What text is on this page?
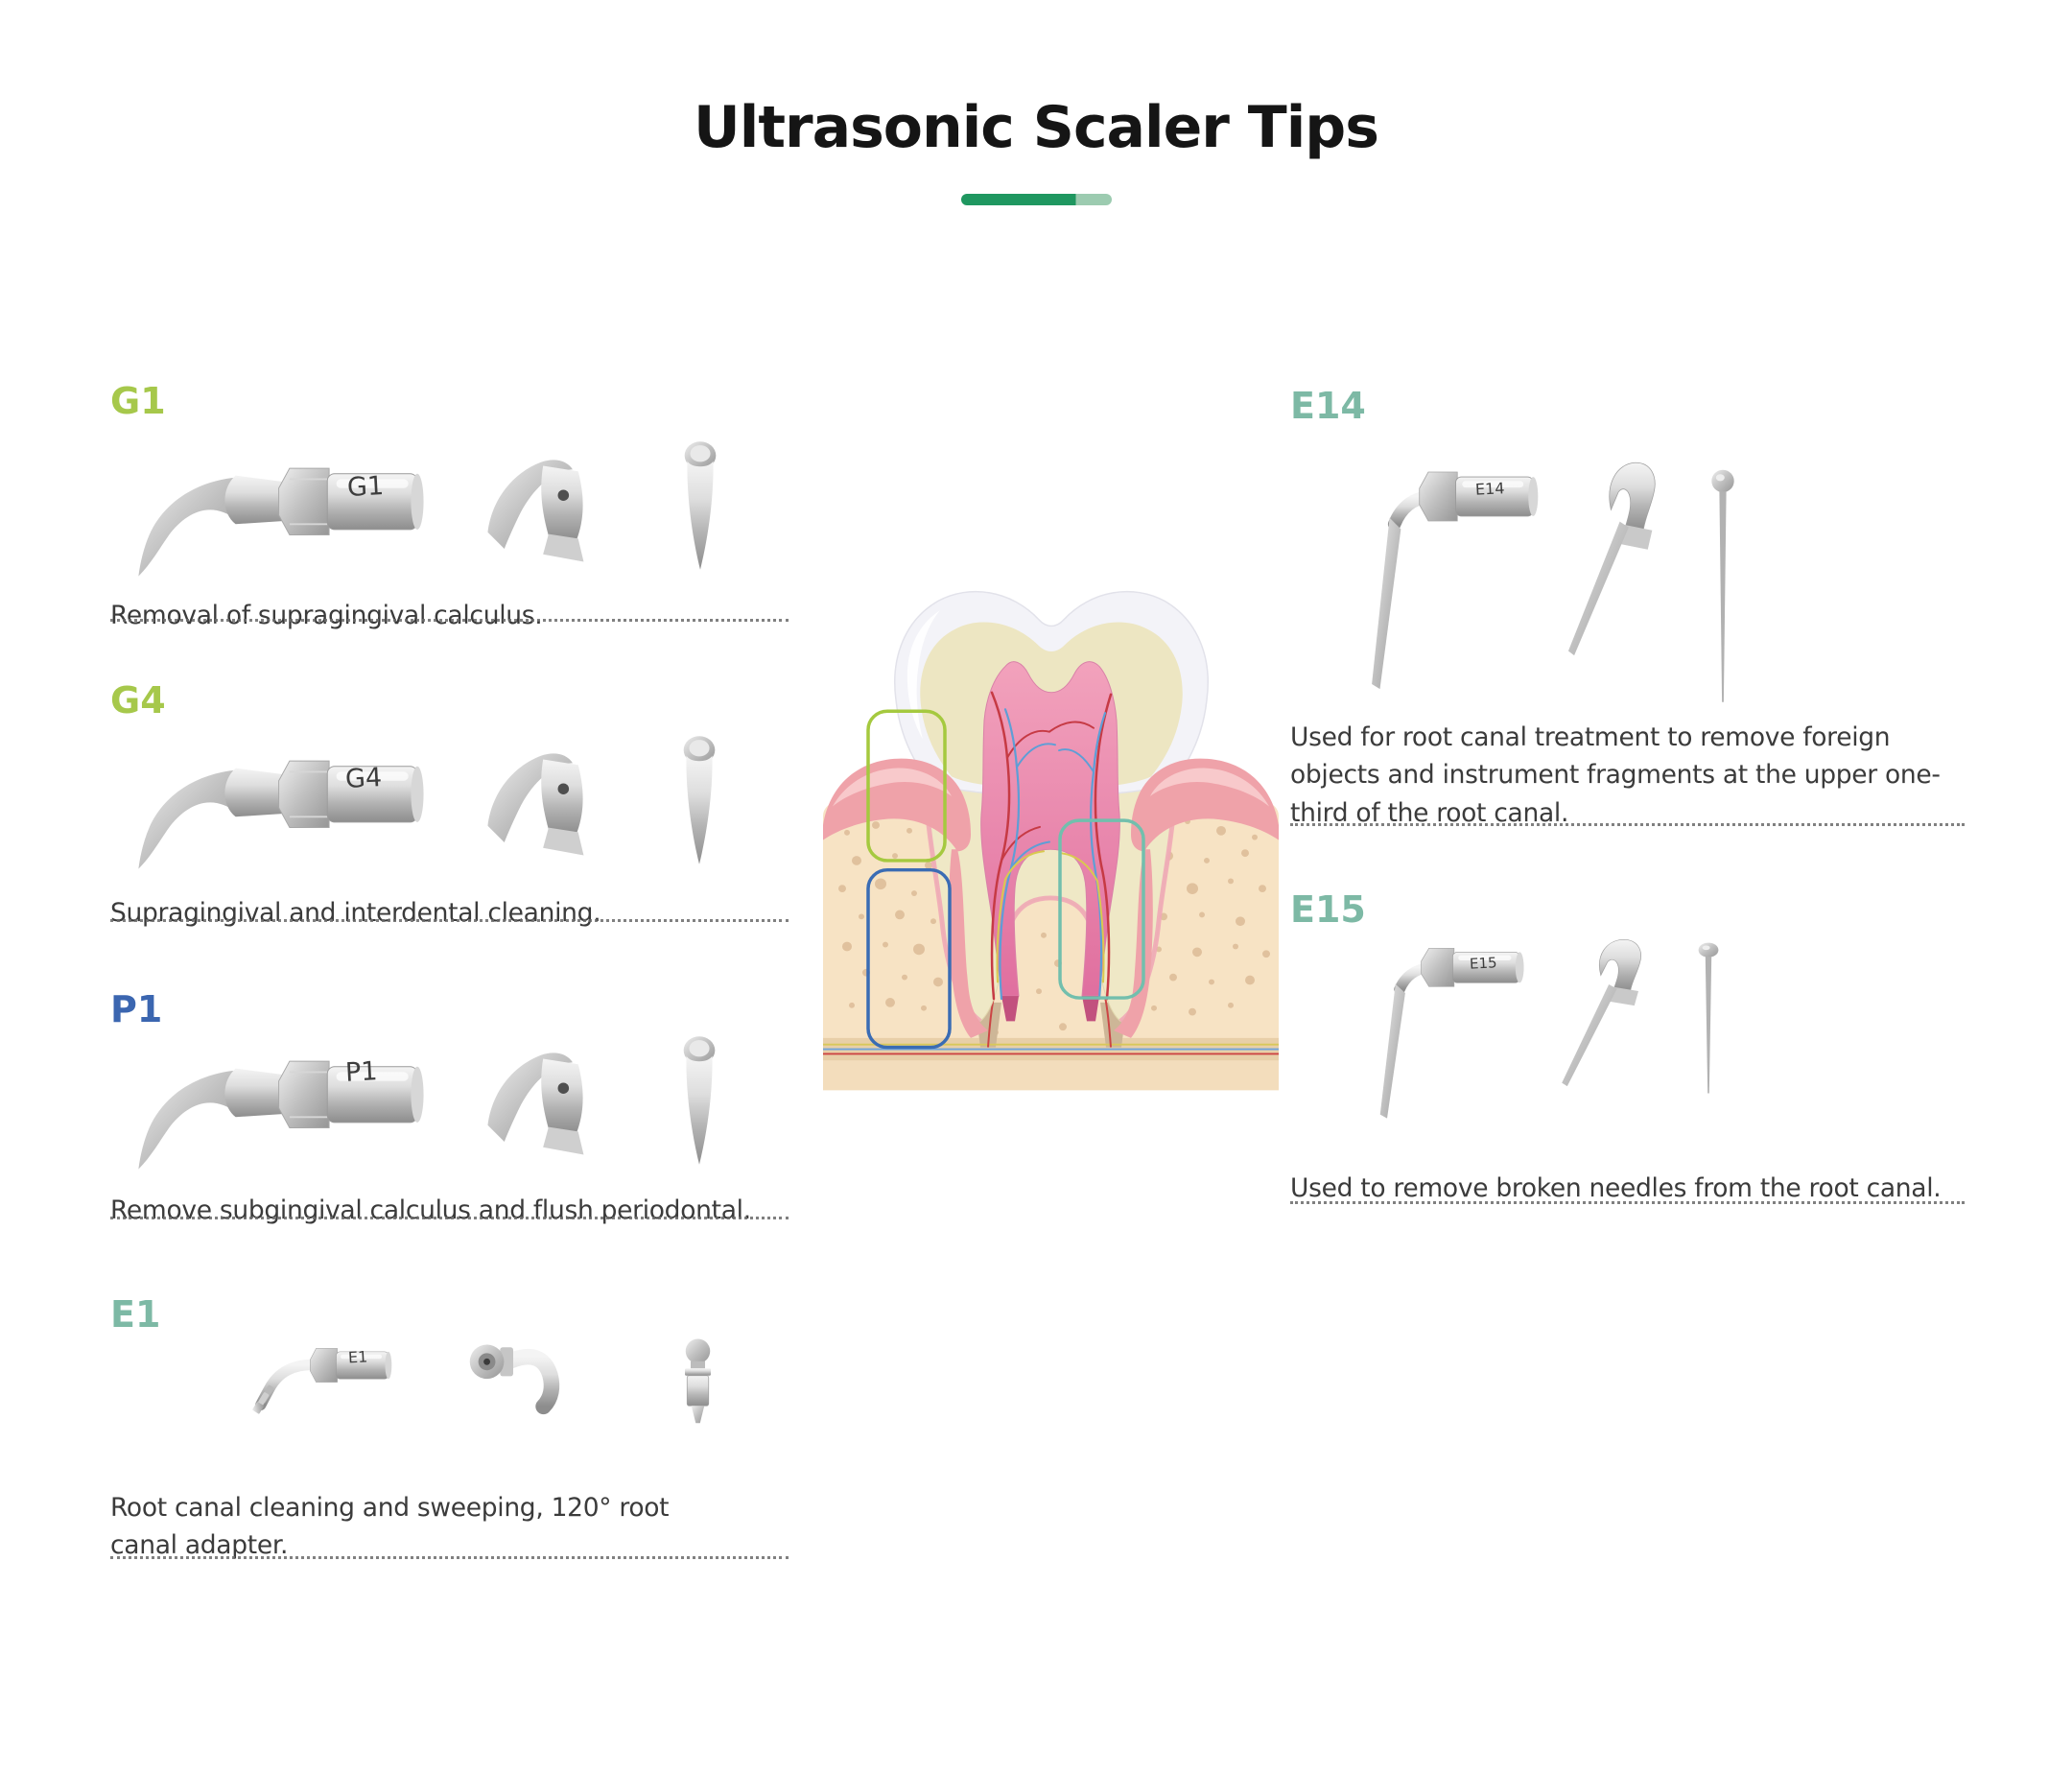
Ultrasonic Scaler Tips
G1
G1

Removal of supragingival calculus.

G4
G4

Supragingival and interdental cleaning.

P1
P1

Remove subgingival calculus and flush periodontal.

E1
E1

Root canal cleaning and sweeping, 120° root canal adapter.

E14
E14

Used for root canal treatment to remove foreign objects and instrument fragments at the upper one-third of the root canal.

E15
E15

Used to remove broken needles from the root canal.
